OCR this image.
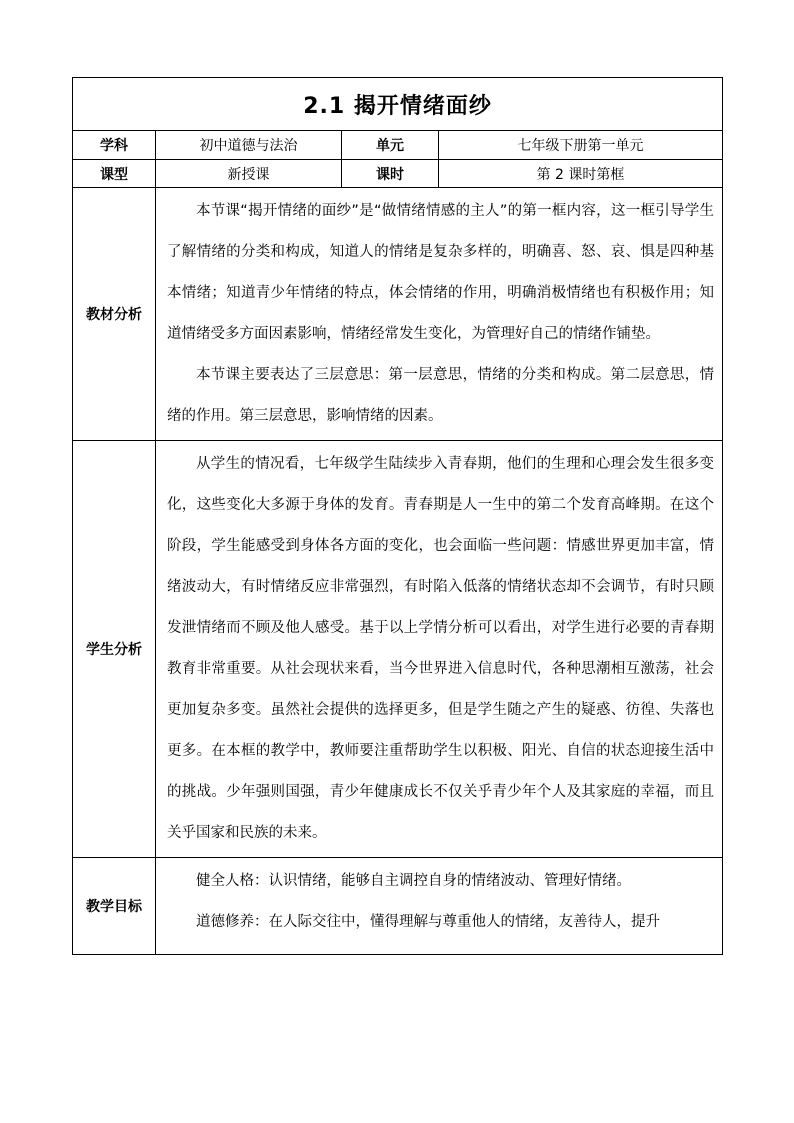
2.1 揭开情绪面纱			
学科	初中道德与法治	单元	七年级下册第一单元
课型	新授课	课时	第 2 课时第框
教材分析	本节课“揭开情绪的面纱”是“做情绪情感的主人”的第一框内容，这一框引导学生了解情绪的分类和构成，知道人的情绪是复杂多样的，明确喜、怒、哀、惧是四种基本情绪；知道青少年情绪的特点，体会情绪的作用，明确消极情绪也有积极作用；知道情绪受多方面因素影响，情绪经常发生变化，为管理好自己的情绪作铺垫。

本节课主要表达了三层意思：第一层意思，情绪的分类和构成。第二层意思，情绪的作用。第三层意思，影响情绪的因素。		

学生分析	从学生的情况看，七年级学生陆续步入青春期，他们的生理和心理会发生很多变化，这些变化大多源于身体的发育。青春期是人一生中的第二个发育高峰期。在这个阶段，学生能感受到身体各方面的变化，也会面临一些问题：情感世界更加丰富，情绪波动大，有时情绪反应非常强烈，有时陷入低落的情绪状态却不会调节，有时只顾发泄情绪而不顾及他人感受。基于以上学情分析可以看出，对学生进行必要的青春期教育非常重要。从社会现状来看，当今世界进入信息时代，各种思潮相互激荡，社会更加复杂多变。虽然社会提供的选择更多，但是学生随之产生的疑惑、彷徨、失落也更多。在本框的教学中，教师要注重帮助学生以积极、阳光、自信的状态迎接生活中的挑战。少年强则国强，青少年健康成长不仅关乎青少年个人及其家庭的幸福，而且关乎国家和民族的未来。		

教学目标	健全人格：认识情绪，能够自主调控自身的情绪波动、管理好情绪。

道德修养：在人际交往中，懂得理解与尊重他人的情绪，友善待人，提升		
